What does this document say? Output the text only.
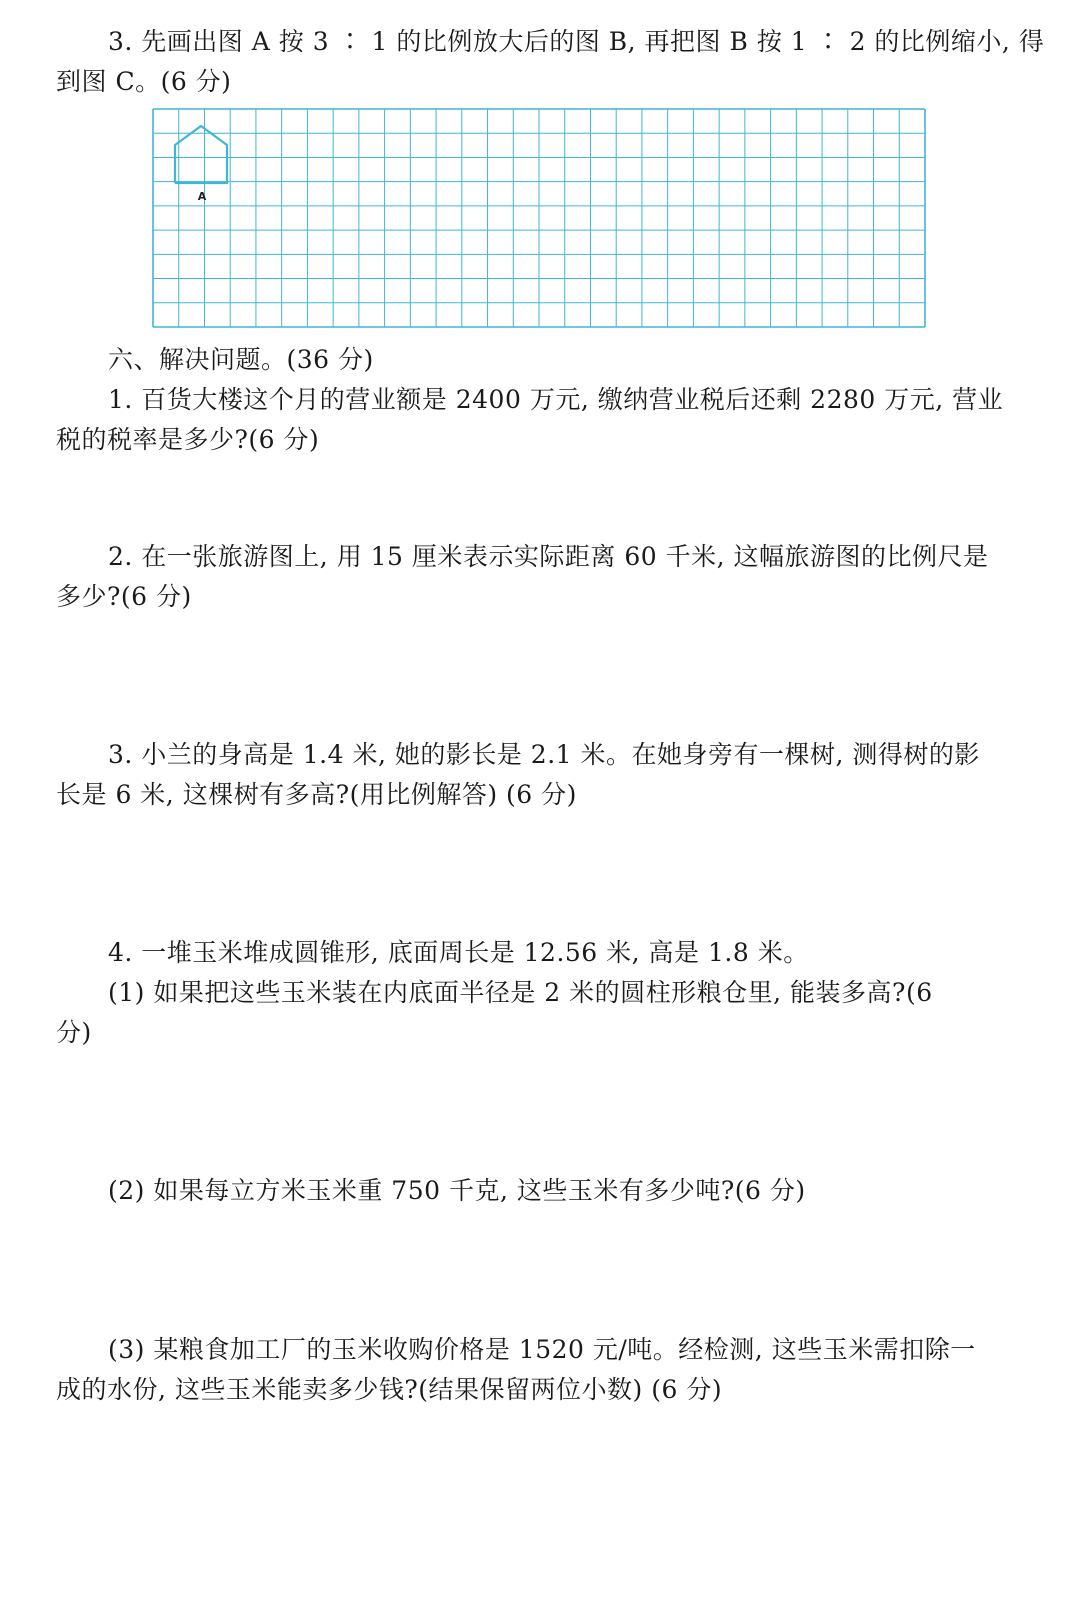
3. 先画出图 A 按 3 ∶ 1 的比例放大后的图 B, 再把图 B 按 1 ∶ 2 的比例缩小, 得
到图 C。(6 分)
A
六、解决问题。(36 分)
1. 百货大楼这个月的营业额是 2400 万元, 缴纳营业税后还剩 2280 万元, 营业
税的税率是多少?(6 分)
2. 在一张旅游图上, 用 15 厘米表示实际距离 60 千米, 这幅旅游图的比例尺是
多少?(6 分)
3. 小兰的身高是 1.4 米, 她的影长是 2.1 米。在她身旁有一棵树, 测得树的影
长是 6 米, 这棵树有多高?(用比例解答) (6 分)
4. 一堆玉米堆成圆锥形, 底面周长是 12.56 米, 高是 1.8 米。
(1) 如果把这些玉米装在内底面半径是 2 米的圆柱形粮仓里, 能装多高?(6
分)
(2) 如果每立方米玉米重 750 千克, 这些玉米有多少吨?(6 分)
(3) 某粮食加工厂的玉米收购价格是 1520 元/吨。经检测, 这些玉米需扣除一
成的水份, 这些玉米能卖多少钱?(结果保留两位小数) (6 分)
